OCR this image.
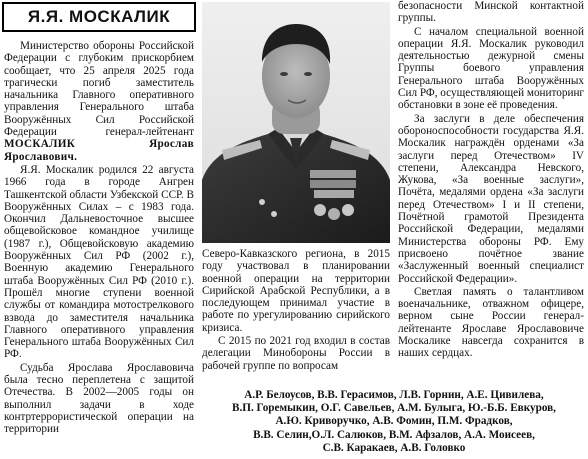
Я.Я. МОСКАЛИК

Министерство обороны Российской Федерации с глубоким прискорбием сообщает, что 25 апреля 2025 года трагически погиб заместитель начальника Главного оперативного управления Генерального штаба Вооружённых Сил Российской Федерации генерал-лейтенант МОСКАЛИК Ярослав Ярославович.

Я.Я. Москалик родился 22 августа 1966 года в городе Ангрен Ташкентской области Узбекской ССР. В Вооружённых Силах – с 1983 года. Окончил Дальневосточное высшее общевойсковое командное училище (1987 г.), Общевойсковую академию Вооружённых Сил РФ (2002 г.), Военную академию Генерального штаба Вооружённых Сил РФ (2010 г.). Прошёл многие ступени военной службы от командира мотострелкового взвода до заместителя начальника Главного оперативного управления Генерального штаба Вооружённых Сил РФ.

Судьба Ярослава Ярославовича была тесно переплетена с защитой Отечества. В 2002—2005 годы он выполнил задачи в ходе контртеррористической операции на территории

Северо-Кавказского региона, в 2015 году участвовал в планировании военной операции на территории Сирийской Арабской Республики, а в последующем принимал участие в работе по урегулированию сирийского кризиса.

С 2015 по 2021 год входил в состав делегации Минобороны России в рабочей группе по вопросам

безопасности Минской контактной группы.

С началом специальной военной операции Я.Я. Москалик руководил деятельностью дежурной смены Группы боевого управления Генерального штаба Вооружённых Сил РФ, осуществляющей мониторинг обстановки в зоне её проведения.

За заслуги в деле обеспечения обороноспособности государства Я.Я. Москалик награждён орденами «За заслуги перед Отечеством» IV степени, Александра Невского, Жукова, «За военные заслуги», Почёта, медалями ордена «За заслуги перед Отечеством» I и II степени, Почётной грамотой Президента Российской Федерации, медалями Министерства обороны РФ. Ему присвоено почётное звание «Заслуженный военный специалист Российской Федерации».

Светлая память о талантливом военачальнике, отважном офицере, верном сыне России генерал-лейтенанте Ярославе Ярославовиче Москалике навсегда сохранится в наших сердцах.

А.Р. Белоусов, В.В. Герасимов, Л.В. Горнин, А.Е. Цивилева,
В.П. Горемыкин, О.Г. Савельев, А.М. Булыга, Ю.-Б.Б. Евкуров,
А.Ю. Криворучко, А.В. Фомин, П.М. Фрадков,
В.В. Селин,О.Л. Салюков, В.М. Афзалов, А.А. Моисеев,
С.В. Каракаев, А.В. Головко
